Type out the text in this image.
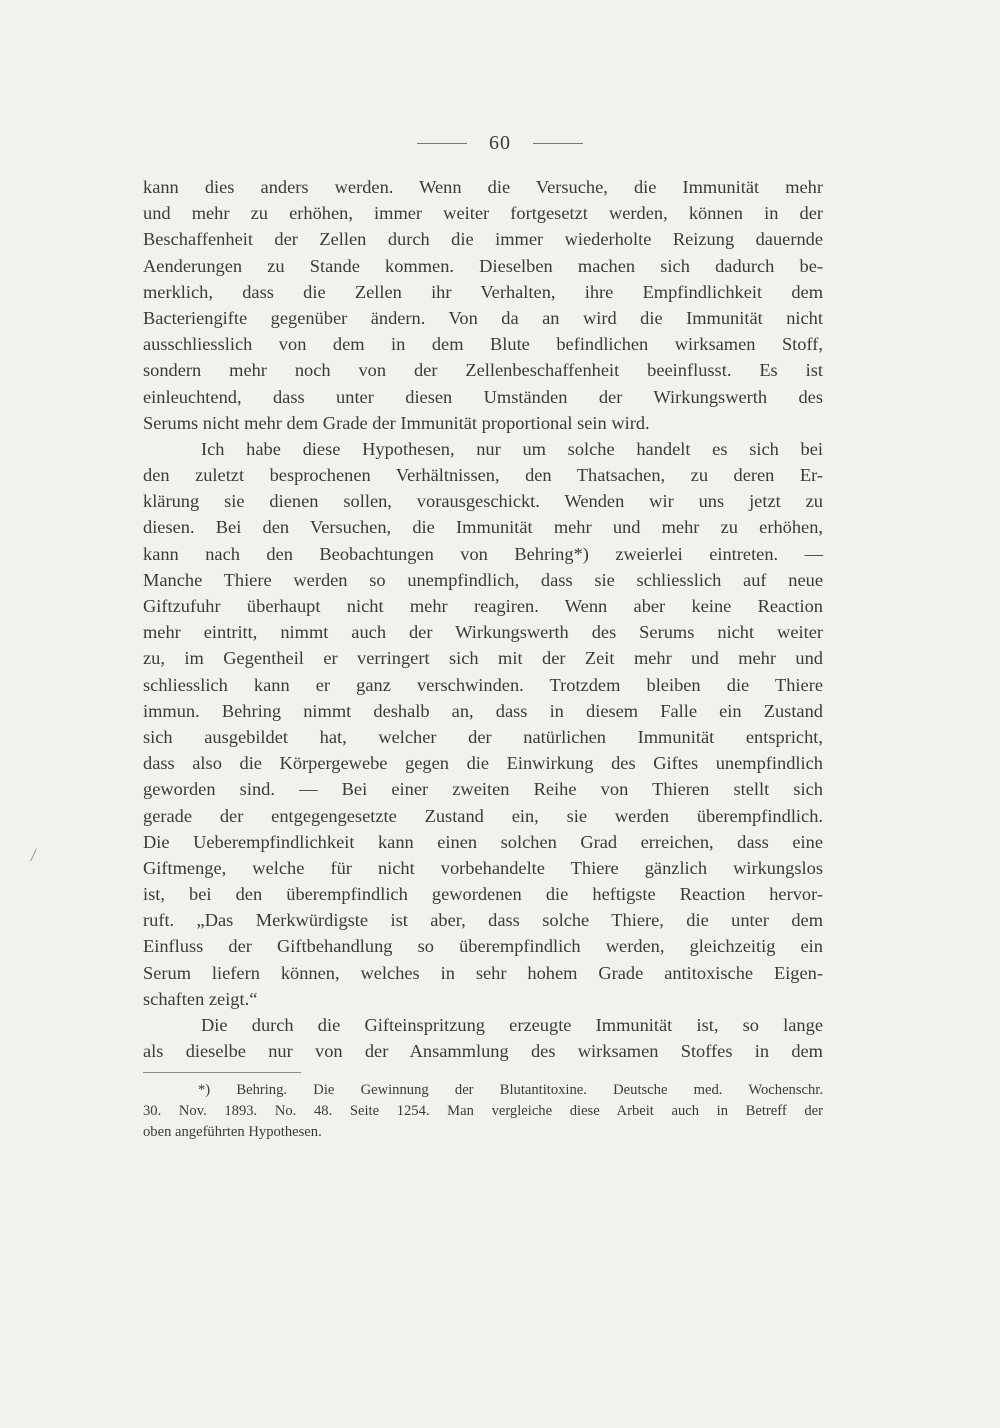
60
kann dies anders werden. Wenn die Versuche, die Immunität mehr
und mehr zu erhöhen, immer weiter fortgesetzt werden, können in der
Beschaffenheit der Zellen durch die immer wiederholte Reizung dauernde
Aenderungen zu Stande kommen. Dieselben machen sich dadurch be-
merklich, dass die Zellen ihr Verhalten, ihre Empfindlichkeit dem
Bacteriengifte gegenüber ändern. Von da an wird die Immunität nicht
ausschliesslich von dem in dem Blute befindlichen wirksamen Stoff,
sondern mehr noch von der Zellenbeschaffenheit beeinflusst. Es ist
einleuchtend, dass unter diesen Umständen der Wirkungswerth des
Serums nicht mehr dem Grade der Immunität proportional sein wird.
Ich habe diese Hypothesen, nur um solche handelt es sich bei
den zuletzt besprochenen Verhältnissen, den Thatsachen, zu deren Er-
klärung sie dienen sollen, vorausgeschickt. Wenden wir uns jetzt zu
diesen. Bei den Versuchen, die Immunität mehr und mehr zu erhöhen,
kann nach den Beobachtungen von Behring*) zweierlei eintreten. —
Manche Thiere werden so unempfindlich, dass sie schliesslich auf neue
Giftzufuhr überhaupt nicht mehr reagiren. Wenn aber keine Reaction
mehr eintritt, nimmt auch der Wirkungswerth des Serums nicht weiter
zu, im Gegentheil er verringert sich mit der Zeit mehr und mehr und
schliesslich kann er ganz verschwinden. Trotzdem bleiben die Thiere
immun. Behring nimmt deshalb an, dass in diesem Falle ein Zustand
sich ausgebildet hat, welcher der natürlichen Immunität entspricht,
dass also die Körpergewebe gegen die Einwirkung des Giftes unempfindlich
geworden sind. — Bei einer zweiten Reihe von Thieren stellt sich
gerade der entgegengesetzte Zustand ein, sie werden überempfindlich.
Die Ueberempfindlichkeit kann einen solchen Grad erreichen, dass eine
Giftmenge, welche für nicht vorbehandelte Thiere gänzlich wirkungslos
ist, bei den überempfindlich gewordenen die heftigste Reaction hervor-
ruft. „Das Merkwürdigste ist aber, dass solche Thiere, die unter dem
Einfluss der Giftbehandlung so überempfindlich werden, gleichzeitig ein
Serum liefern können, welches in sehr hohem Grade antitoxische Eigen-
schaften zeigt.“
Die durch die Gifteinspritzung erzeugte Immunität ist, so lange
als dieselbe nur von der Ansammlung des wirksamen Stoffes in dem
*) Behring. Die Gewinnung der Blutantitoxine. Deutsche med. Wochenschr.
30. Nov. 1893. No. 48. Seite 1254. Man vergleiche diese Arbeit auch in Betreff der
oben angeführten Hypothesen.
